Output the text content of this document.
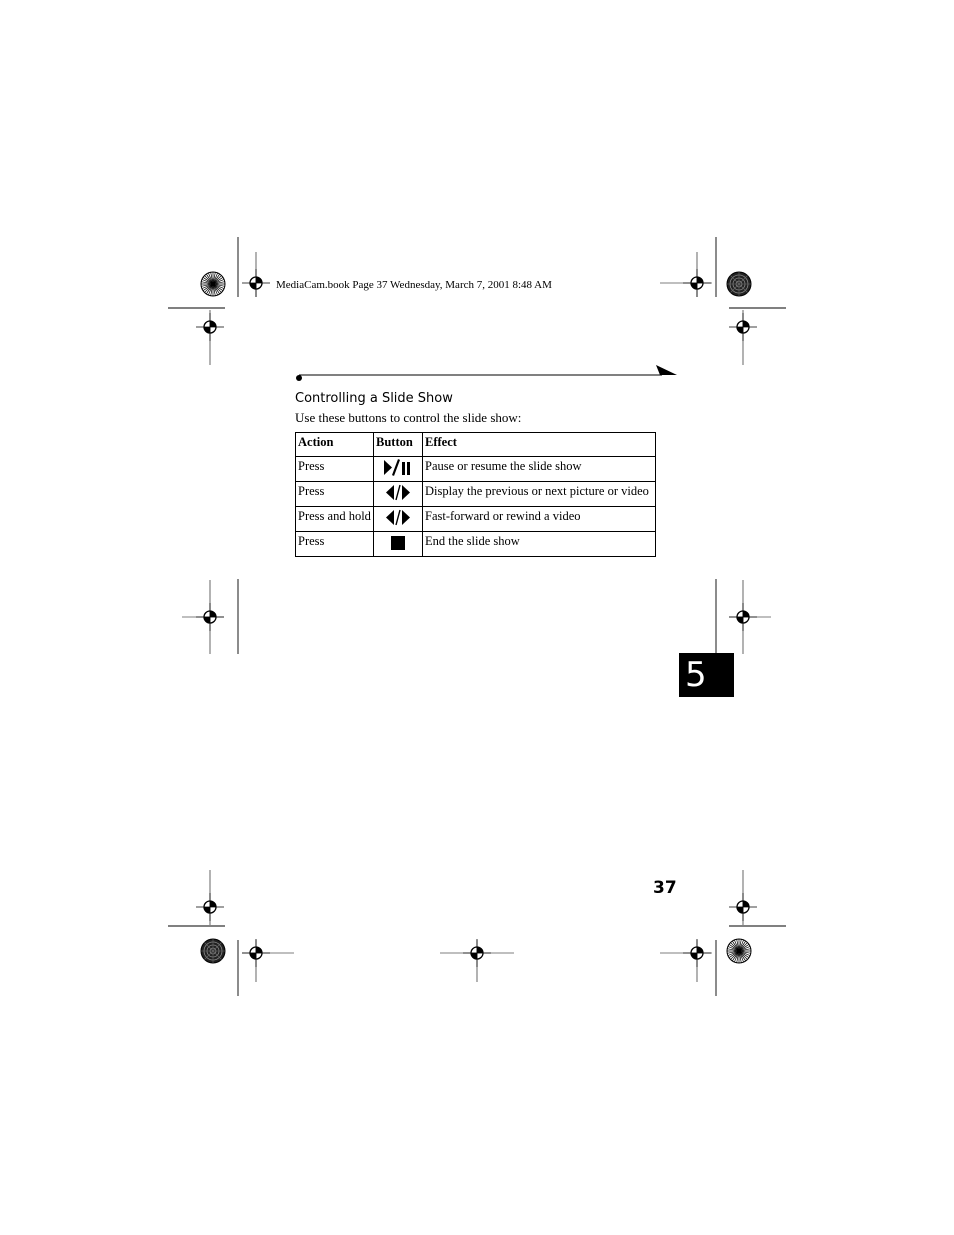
MediaCam.book Page 37 Wednesday, March 7, 2001 8:48 AM
Controlling a Slide Show
Use these buttons to control the slide show:
Action	Button	Effect
Press		Pause or resume the slide show
Press		Display the previous or next picture or video
Press and hold		Fast-forward or rewind a video
Press		End the slide show
5
37
